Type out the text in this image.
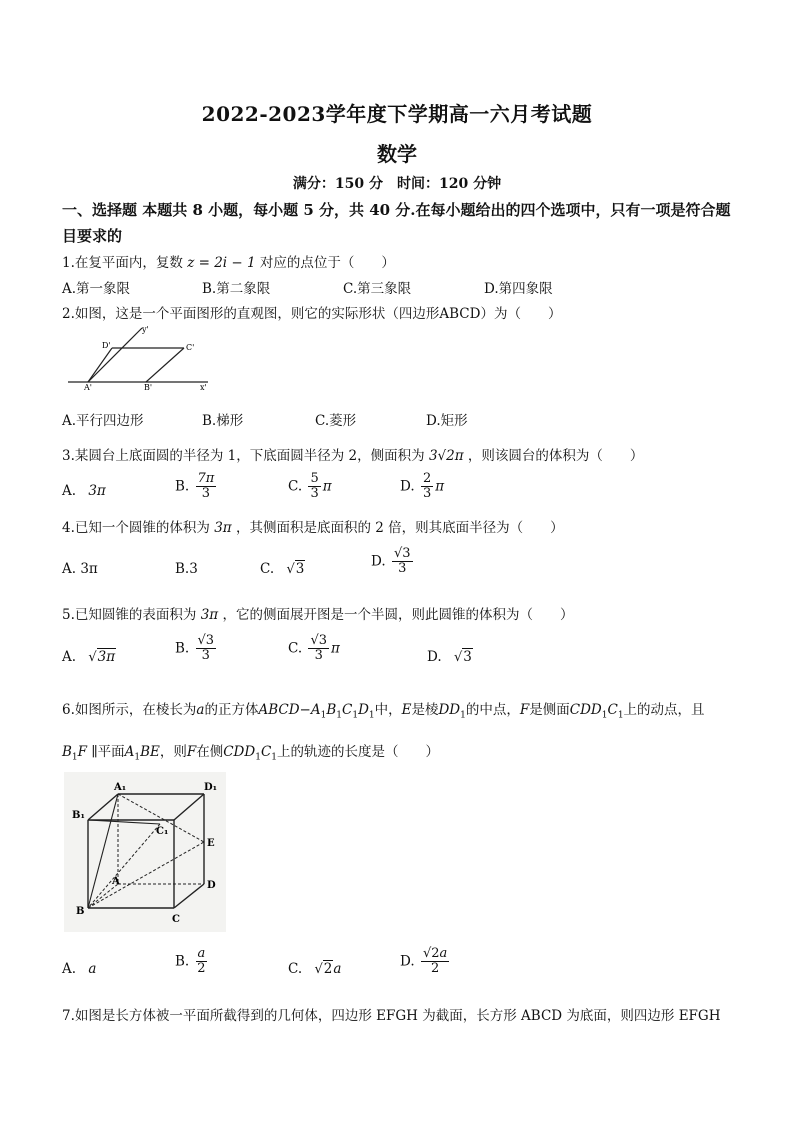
2022-2023学年度下学期高一六月考试题
数学
满分：150 分　时间：120 分钟
一、选择题 本题共 8 小题，每小题 5 分，共 40 分.在每小题给出的四个选项中，只有一项是符合题目要求的
1.在复平面内，复数 z = 2i − 1 对应的点位于（　　）
A.第一象限	B.第二象限	C.第三象限	D.第四象限
2.如图，这是一个平面图形的直观图，则它的实际形状（四边形ABCD）为（　　）
y'
D'	C'
A'	B'	x'
A.平行四边形	B.梯形	C.菱形	D.矩形
3.某圆台上底面圆的半径为 1，下底面圆半径为 2，侧面积为 3√2π ，则该圆台的体积为（　　）
A. 3π	B. $\frac{7\pi}{3}$	C. $\frac{5}{3}$ π	D. $\frac{2}{3}$ π
4.已知一个圆锥的体积为 3π ，其侧面积是底面积的 2 倍，则其底面半径为（　　）
A. 3π	B.3	C. √3	D. $\frac{√3}{3}$
5.已知圆锥的表面积为 3π ，它的侧面展开图是一个半圆，则此圆锥的体积为（　　）
A. √3π
B. $\frac{√3}{3}$	C. $\frac{√3}{3}$ π
D. √3
6.如图所示，在棱长为a的正方体$ABCD-A_1B_1C_1D_1$中，E是棱$DD_1$的中点，F是侧面$CDD_1C_1$上的动点，且
$B_1F$ ∥平面$A_1BE$，则F在侧$CDD_1C_1$上的轨迹的长度是（　　）
A₁	D₁
B₁
C₁
E
A	D
B
C
A. a	B. $\frac{a}{2}$	C. √2a	D. $\frac{√2a}{2}$
7.如图是长方体被一平面所截得到的几何体，四边形 EFGH 为截面，长方形 ABCD 为底面，则四边形 EFGH
